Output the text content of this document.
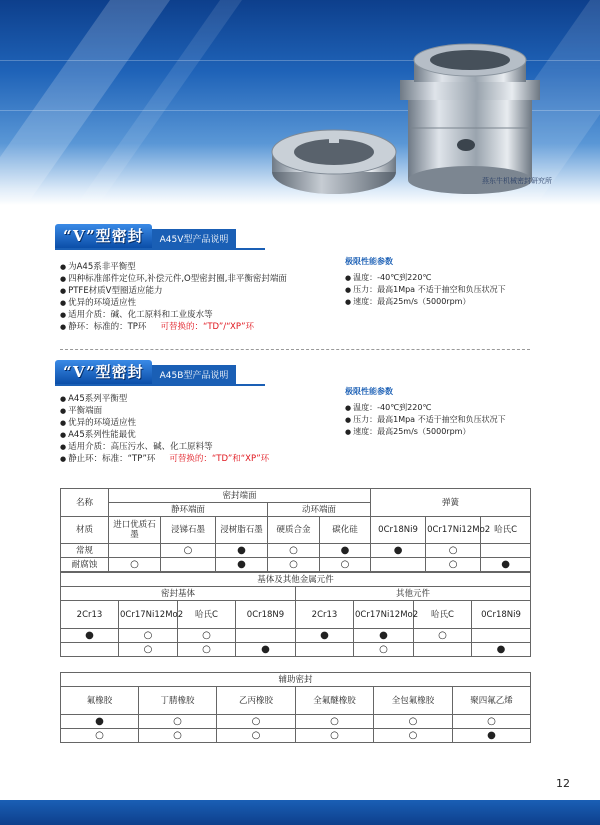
燕东牛机械密封研究所
“V”型密封	A45V型产品说明
● 为A45系非平衡型
● 四种标准部件定位环,补偿元件,O型密封圈,非平衡密封端面
● PTFE材质V型圈适应能力
● 优异的环境适应性
● 适用介质：碱、化工原料和工业废水等
● 静环：标准的：TP环 可替换的：“TD”/“XP”环
极限性能参数
● 温度：-40℃到220℃
● 压力：最高1Mpa 不适于抽空和负压状况下
● 速度：最高25m/s（5000rpm）
“V”型密封	A45B型产品说明
● A45系列平衡型
● 平衡端面
● 优异的环境适应性
● A45系列性能最优
● 适用介质：高压污水、碱、化工原料等
● 静止环：标准：“TP”环 可替换的：“TD”和“XP”环
极限性能参数
● 温度：-40℃到220℃
● 压力：最高1Mpa 不适于抽空和负压状况下
● 速度：最高25m/s（5000rpm）
名称	密封端面					弹簧		
	静环端面			动环端面				
材质	进口优质石墨	浸锑石墨	浸树脂石墨	硬质合金	碳化硅	0Cr18Ni9	0Cr17Ni12Mo2	哈氏C
常规		○	●	○	●	●	○	
耐腐蚀	○		●	○	○		○	●
基体及其他金属元件							
密封基体				其他元件			
2Cr13	0Cr17Ni12Mo2	哈氏C	0Cr18N9	2Cr13	0Cr17Ni12Mo2	哈氏C	0Cr18Ni9
●	○	○		●	●	○	
	○	○	●		○		●
辅助密封					
氟橡胶	丁腈橡胶	乙丙橡胶	全氟醚橡胶	全包氟橡胶	聚四氟乙烯
●	○	○	○	○	○
○	○	○	○	○	●
12
